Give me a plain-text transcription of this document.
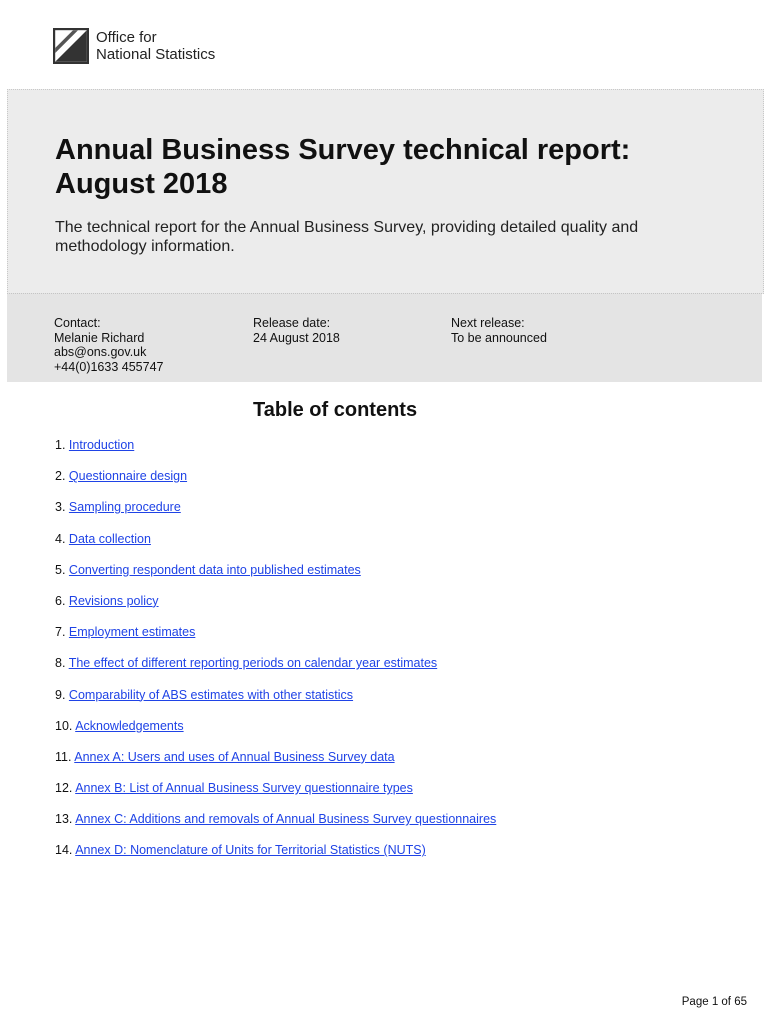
Office for
National Statistics
Annual Business Survey technical report: August 2018

The technical report for the Annual Business Survey, providing detailed quality and methodology information.

Contact:
Melanie Richard
abs@ons.gov.uk
+44(0)1633 455747
Release date:
24 August 2018
Next release:
To be announced
Table of contents
1. Introduction
2. Questionnaire design
3. Sampling procedure
4. Data collection
5. Converting respondent data into published estimates
6. Revisions policy
7. Employment estimates
8. The effect of different reporting periods on calendar year estimates
9. Comparability of ABS estimates with other statistics
10. Acknowledgements
11. Annex A: Users and uses of Annual Business Survey data
12. Annex B: List of Annual Business Survey questionnaire types
13. Annex C: Additions and removals of Annual Business Survey questionnaires
14. Annex D: Nomenclature of Units for Territorial Statistics (NUTS)
Page 1 of 65
